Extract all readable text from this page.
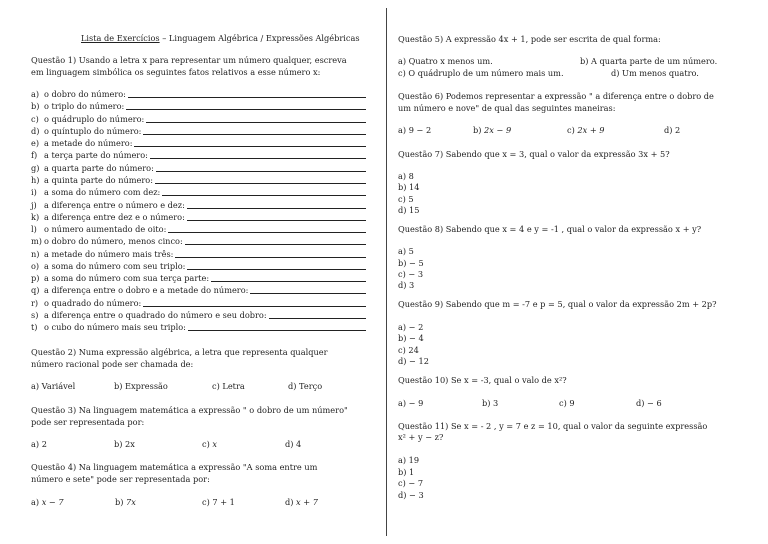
Lista de Exercícios – Linguagem Algébrica / Expressões Algébricas
Questão 1) Usando a letra x para representar um número qualquer, escreva
em linguagem simbólica os seguintes fatos relativos a esse número x:
a) o dobro do número:
b) o triplo do número:
c) o quádruplo do número:
d) o quíntuplo do número:
e) a metade do número:
f) a terça parte do número:
g) a quarta parte do número:
h) a quinta parte do número:
i) a soma do número com dez:
j) a diferença entre o número e dez:
k) a diferença entre dez e o número:
l) o número aumentado de oito:
m) o dobro do número, menos cinco:
n) a metade do número mais três:
o) a soma do número com seu triplo:
p) a soma do número com sua terça parte:
q) a diferença entre o dobro e a metade do número:
r) o quadrado do número:
s) a diferença entre o quadrado do número e seu dobro:
t) o cubo do número mais seu triplo:
Questão 2) Numa expressão algébrica, a letra que representa qualquer
número racional pode ser chamada de:
a) Variável	b) Expressão	c) Letra	d) Terço
Questão 3) Na linguagem matemática a expressão " o dobro de um número"
pode ser representada por:
a) 2	b) 2x	c) x	d) 4
Questão 4) Na linguagem matemática a expressão "A soma entre um
número e sete" pode ser representada por:
a) x − 7	b) 7x	c) 7 + 1	d) x + 7
Questão 5) A expressão 4x + 1, pode ser escrita de qual forma:
a) Quatro x menos um.	b) A quarta parte de um número.
c) O quádruplo de um número mais um.	d) Um menos quatro.
Questão 6) Podemos representar a expressão " a diferença entre o dobro de
um número e nove" de qual das seguintes maneiras:
a) 9 − 2	b) 2x − 9	c) 2x + 9	d) 2
Questão 7) Sabendo que x = 3, qual o valor da expressão 3x + 5?
a) 8
b) 14
c) 5
d) 15
Questão 8) Sabendo que x = 4 e y = -1 , qual o valor da expressão x + y?
a) 5
b) − 5
c) − 3
d) 3
Questão 9) Sabendo que m = -7 e p = 5, qual o valor da expressão 2m + 2p?
a) − 2
b) − 4
c) 24
d) − 12
Questão 10) Se x = -3, qual o valo de x²?
a) − 9	b) 3	c) 9	d) − 6
Questão 11) Se x = - 2 , y = 7 e z = 10, qual o valor da seguinte expressão
x² + y − z?
a) 19
b) 1
c) − 7
d) − 3
